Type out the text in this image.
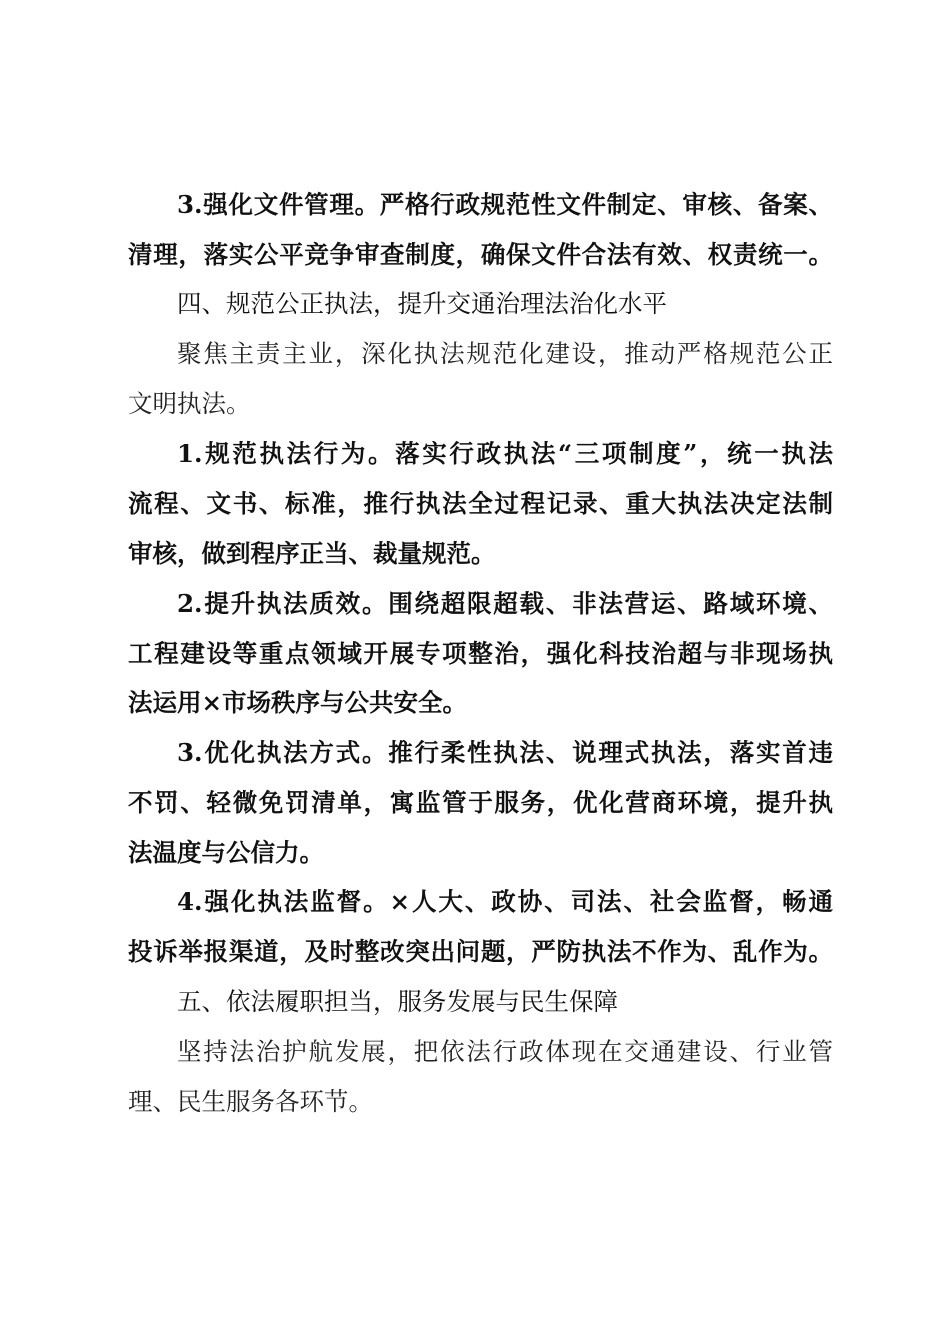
3.强化文件管理。严格行政规范性文件制定、审核、备案、
清理，落实公平竞争审查制度，确保文件合法有效、权责统一。
四、规范公正执法，提升交通治理法治化水平
聚焦主责主业，深化执法规范化建设，推动严格规范公正
文明执法。
1.规范执法行为。落实行政执法“三项制度”，统一执法
流程、文书、标准，推行执法全过程记录、重大执法决定法制
审核，做到程序正当、裁量规范。
2.提升执法质效。围绕超限超载、非法营运、路域环境、
工程建设等重点领域开展专项整治，强化科技治超与非现场执
法运用×市场秩序与公共安全。
3.优化执法方式。推行柔性执法、说理式执法，落实首违
不罚、轻微免罚清单，寓监管于服务，优化营商环境，提升执
法温度与公信力。
4.强化执法监督。×人大、政协、司法、社会监督，畅通
投诉举报渠道，及时整改突出问题，严防执法不作为、乱作为。
五、依法履职担当，服务发展与民生保障
坚持法治护航发展，把依法行政体现在交通建设、行业管
理、民生服务各环节。
